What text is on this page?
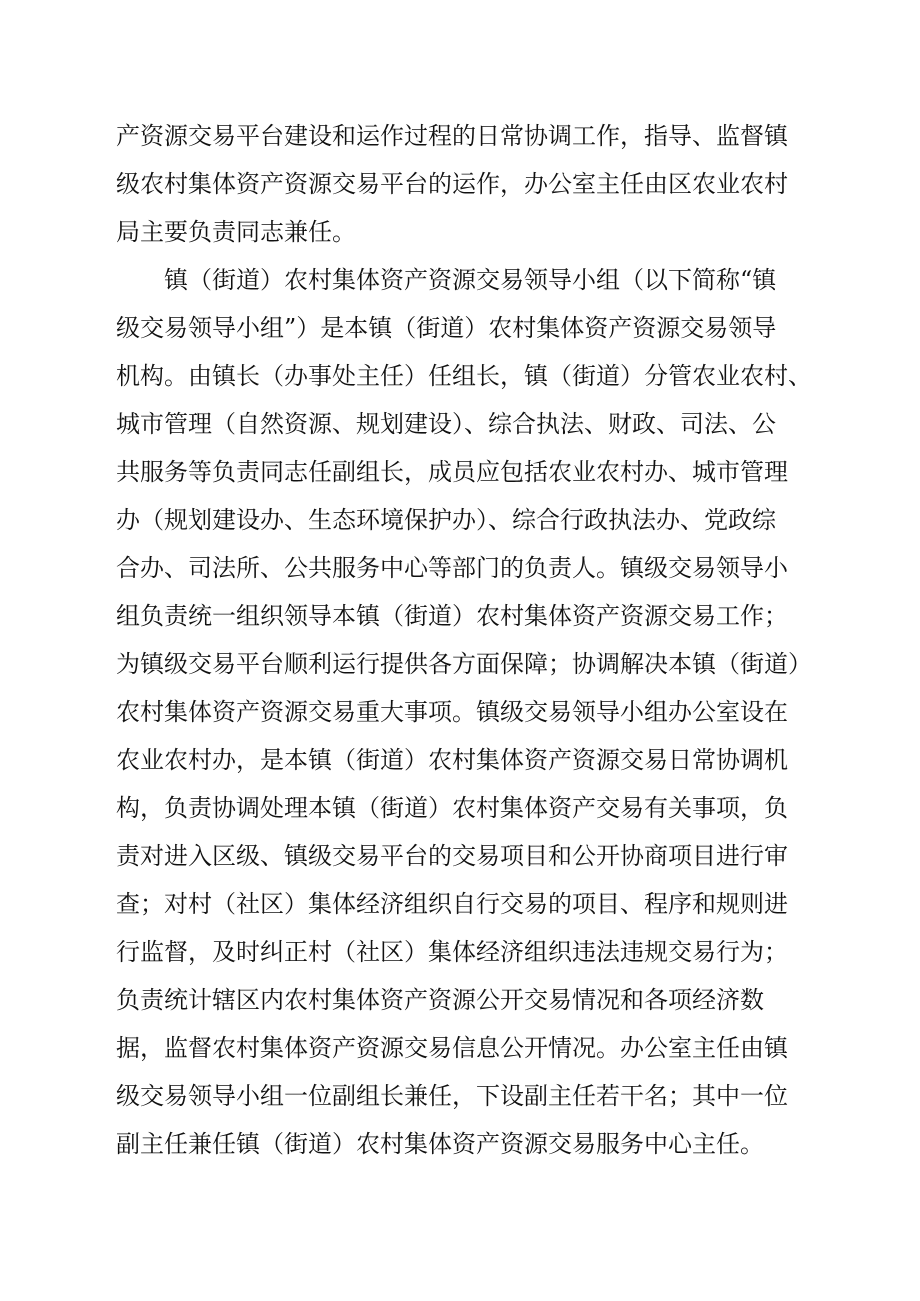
产资源交易平台建设和运作过程的日常协调工作，指导、监督镇
级农村集体资产资源交易平台的运作，办公室主任由区农业农村
局主要负责同志兼任。
镇（街道）农村集体资产资源交易领导小组（以下简称“镇
级交易领导小组”）是本镇（街道）农村集体资产资源交易领导
机构。由镇长（办事处主任）任组长，镇（街道）分管农业农村、
城市管理（自然资源、规划建设）、综合执法、财政、司法、公
共服务等负责同志任副组长，成员应包括农业农村办、城市管理
办（规划建设办、生态环境保护办）、综合行政执法办、党政综
合办、司法所、公共服务中心等部门的负责人。镇级交易领导小
组负责统一组织领导本镇（街道）农村集体资产资源交易工作；
为镇级交易平台顺利运行提供各方面保障；协调解决本镇（街道）
农村集体资产资源交易重大事项。镇级交易领导小组办公室设在
农业农村办，是本镇（街道）农村集体资产资源交易日常协调机
构，负责协调处理本镇（街道）农村集体资产交易有关事项，负
责对进入区级、镇级交易平台的交易项目和公开协商项目进行审
查；对村（社区）集体经济组织自行交易的项目、程序和规则进
行监督，及时纠正村（社区）集体经济组织违法违规交易行为；
负责统计辖区内农村集体资产资源公开交易情况和各项经济数
据，监督农村集体资产资源交易信息公开情况。办公室主任由镇
级交易领导小组一位副组长兼任，下设副主任若干名；其中一位
副主任兼任镇（街道）农村集体资产资源交易服务中心主任。
